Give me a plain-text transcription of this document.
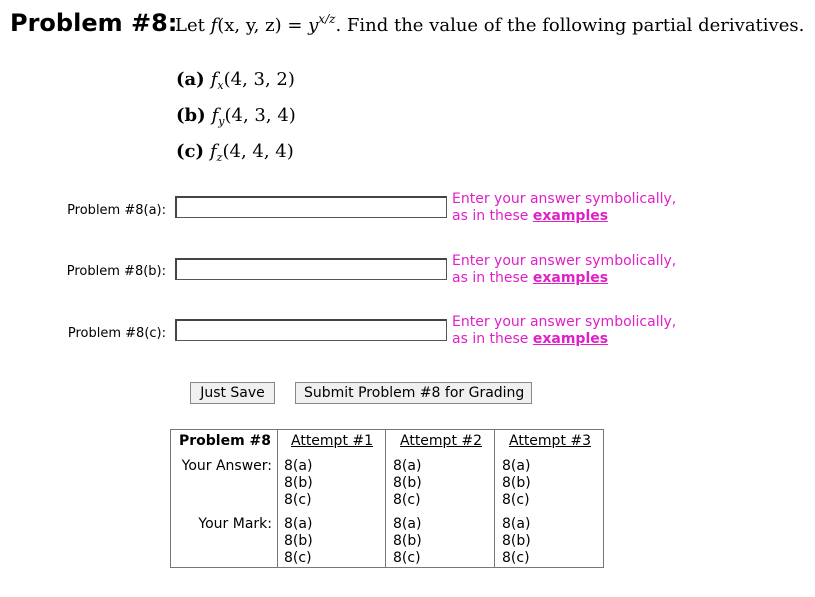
Problem #8:
Let f(x, y, $z) = y^{x/z}$. Find the value of the following partial derivatives.
(a) $f_x(4$, 3, 2)
(b) $f_y(4$, 3, 4)
(c) $f_z(4$, 4, 4)
Problem #8(a):
Enter your answer symbolically,
as in these examples
Problem #8(b):
Enter your answer symbolically,
as in these examples
Problem #8(c):
Enter your answer symbolically,
as in these examples
Just Save	Submit Problem #8 for Grading
Problem #8 Attempt #1 Attempt #2 Attempt #3
Your Answer: 8(a)
8(b)
8(c)
8(a)
8(b)
8(c)
8(a)
8(b)
8(c)
Your Mark: 8(a)
8(b)
8(c)
8(a)
8(b)
8(c)
8(a)
8(b)
8(c)
